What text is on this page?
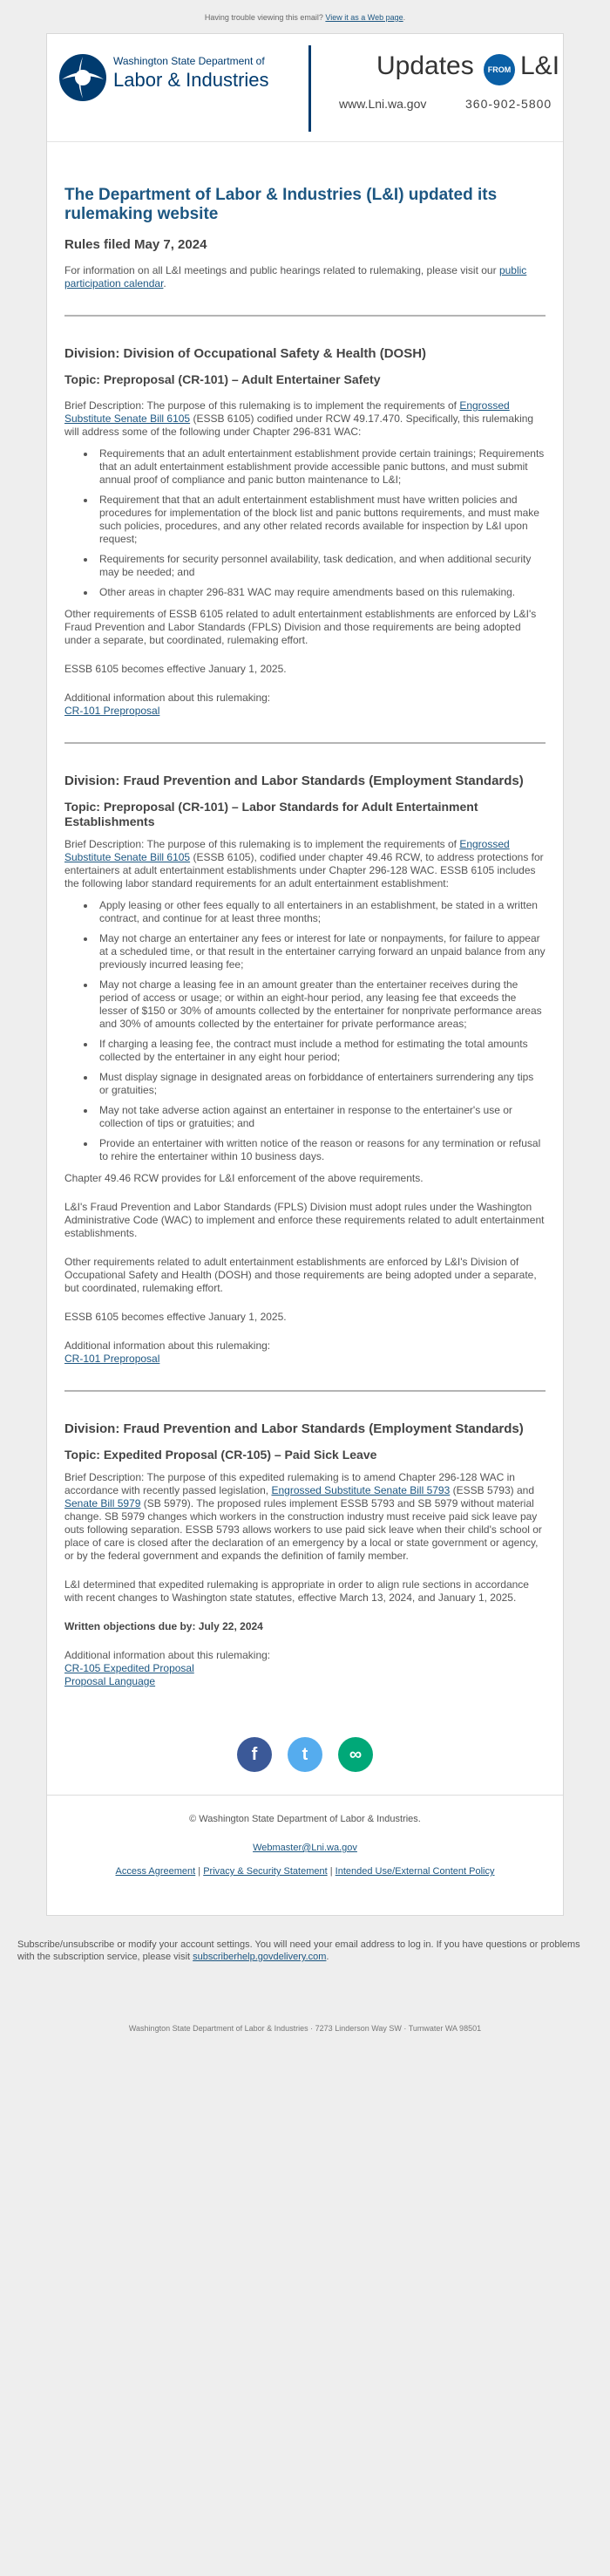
Having trouble viewing this email? View it as a Web page.
Washington State Department of
Labor & Industries	Updates	FROM L&I
www.Lni.wa.gov	360-902-5800
The Department of Labor & Industries (L&I) updated its rulemaking website
Rules filed May 7, 2024

For information on all L&I meetings and public hearings related to rulemaking, please visit our public participation calendar.

Division: Division of Occupational Safety & Health (DOSH)
Topic: Preproposal (CR-101) – Adult Entertainer Safety

Brief Description: The purpose of this rulemaking is to implement the requirements of Engrossed Substitute Senate Bill 6105 (ESSB 6105) codified under RCW 49.17.470. Specifically, this rulemaking will address some of the following under Chapter 296-831 WAC:

• Requirements that an adult entertainment establishment provide certain trainings; Requirements that an adult entertainment establishment provide accessible panic buttons, and must submit annual proof of compliance and panic button maintenance to L&I;
• Requirement that that an adult entertainment establishment must have written policies and procedures for implementation of the block list and panic buttons requirements, and must make such policies, procedures, and any other related records available for inspection by L&I upon request;
• Requirements for security personnel availability, task dedication, and when additional security may be needed; and
• Other areas in chapter 296-831 WAC may require amendments based on this rulemaking.

Other requirements of ESSB 6105 related to adult entertainment establishments are enforced by L&I's Fraud Prevention and Labor Standards (FPLS) Division and those requirements are being adopted under a separate, but coordinated, rulemaking effort.

ESSB 6105 becomes effective January 1, 2025.

Additional information about this rulemaking:

CR-101 Preproposal

Division: Fraud Prevention and Labor Standards (Employment Standards)
Topic: Preproposal (CR-101) – Labor Standards for Adult Entertainment Establishments

Brief Description: The purpose of this rulemaking is to implement the requirements of Engrossed Substitute Senate Bill 6105 (ESSB 6105), codified under chapter 49.46 RCW, to address protections for entertainers at adult entertainment establishments under Chapter 296-128 WAC. ESSB 6105 includes the following labor standard requirements for an adult entertainment establishment:

• Apply leasing or other fees equally to all entertainers in an establishment, be stated in a written contract, and continue for at least three months;
• May not charge an entertainer any fees or interest for late or nonpayments, for failure to appear at a scheduled time, or that result in the entertainer carrying forward an unpaid balance from any previously incurred leasing fee;
• May not charge a leasing fee in an amount greater than the entertainer receives during the period of access or usage; or within an eight-hour period, any leasing fee that exceeds the lesser of $150 or 30% of amounts collected by the entertainer for nonprivate performance areas and 30% of amounts collected by the entertainer for private performance areas;
• If charging a leasing fee, the contract must include a method for estimating the total amounts collected by the entertainer in any eight hour period;
• Must display signage in designated areas on forbiddance of entertainers surrendering any tips or gratuities;
• May not take adverse action against an entertainer in response to the entertainer's use or collection of tips or gratuities; and
• Provide an entertainer with written notice of the reason or reasons for any termination or refusal to rehire the entertainer within 10 business days.

Chapter 49.46 RCW provides for L&I enforcement of the above requirements.

L&I's Fraud Prevention and Labor Standards (FPLS) Division must adopt rules under the Washington Administrative Code (WAC) to implement and enforce these requirements related to adult entertainment establishments.

Other requirements related to adult entertainment establishments are enforced by L&I's Division of Occupational Safety and Health (DOSH) and those requirements are being adopted under a separate, but coordinated, rulemaking effort.

ESSB 6105 becomes effective January 1, 2025.

Additional information about this rulemaking:

CR-101 Preproposal

Division: Fraud Prevention and Labor Standards (Employment Standards)
Topic: Expedited Proposal (CR-105) – Paid Sick Leave

Brief Description: The purpose of this expedited rulemaking is to amend Chapter 296-128 WAC in accordance with recently passed legislation, Engrossed Substitute Senate Bill 5793 (ESSB 5793) and Senate Bill 5979 (SB 5979). The proposed rules implement ESSB 5793 and SB 5979 without material change. SB 5979 changes which workers in the construction industry must receive paid sick leave pay outs following separation. ESSB 5793 allows workers to use paid sick leave when their child's school or place of care is closed after the declaration of an emergency by a local or state government or agency, or by the federal government and expands the definition of family member.

L&I determined that expedited rulemaking is appropriate in order to align rule sections in accordance with recent changes to Washington state statutes, effective March 13, 2024, and January 1, 2025.

Written objections due by: July 22, 2024

Additional information about this rulemaking:

CR-105 Expedited Proposal

Proposal Language

f	t ∞

© Washington State Department of Labor & Industries.

Webmaster@Lni.wa.gov

Access Agreement | Privacy & Security Statement | Intended Use/External Content Policy

Subscribe/unsubscribe or modify your account settings. You will need your email address to log in. If you have questions or problems with the subscription service, please visit subscriberhelp.govdelivery.com.
Washington State Department of Labor & Industries · 7273 Linderson Way SW · Tumwater WA 98501
